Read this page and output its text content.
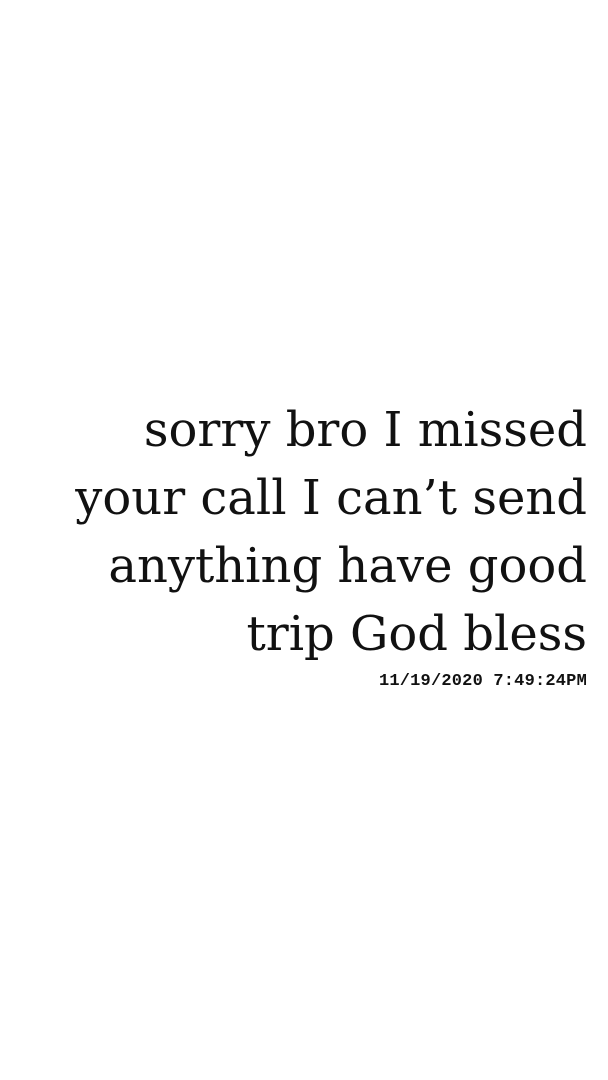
sorry bro I missed
your call I can’t send
anything have good
trip God bless

11/19/2020 7:49:24PM
